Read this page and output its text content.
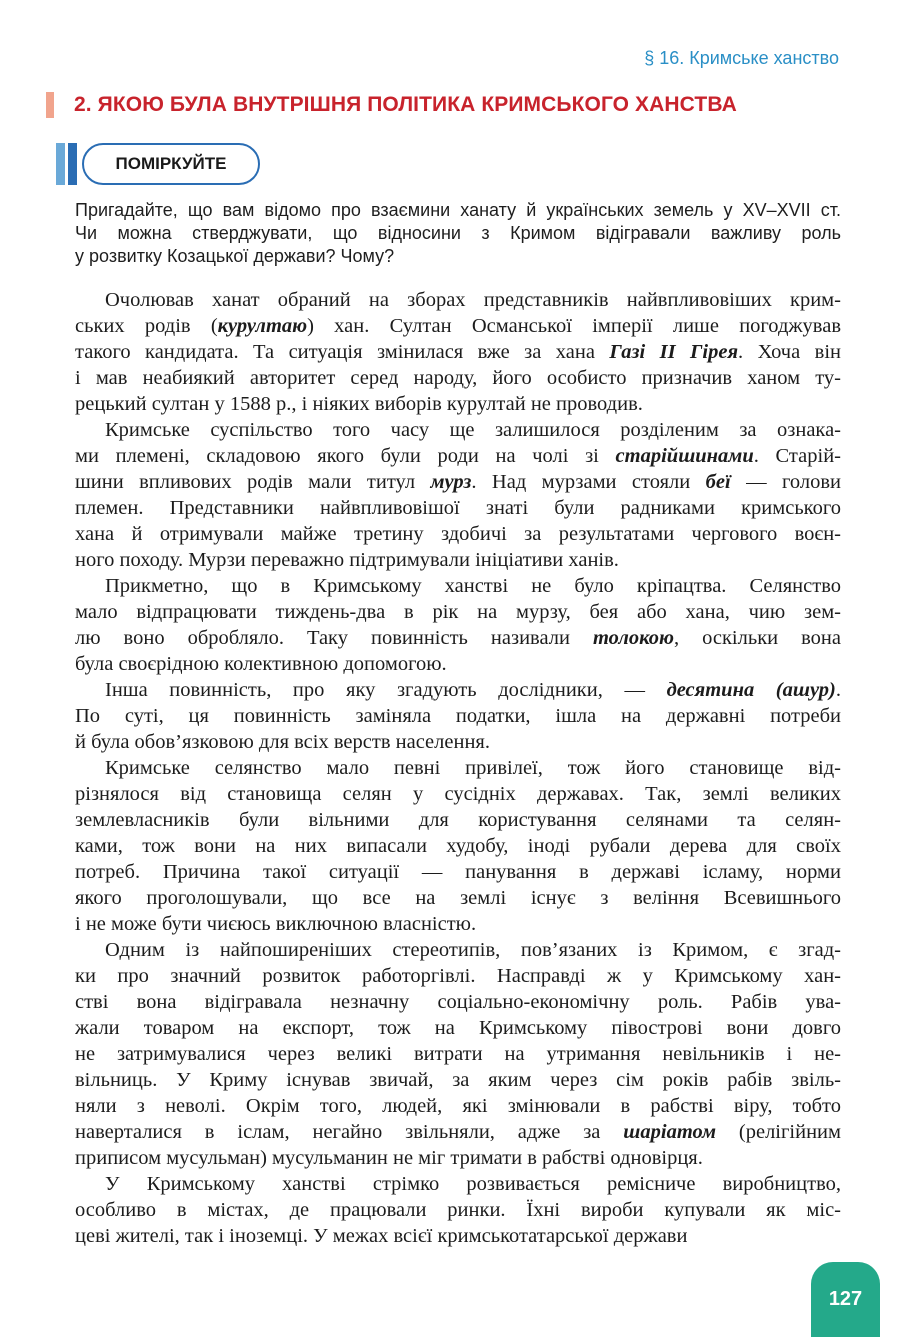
§ 16. Кримське ханство
2. ЯКОЮ БУЛА ВНУТРІШНЯ ПОЛІТИКА КРИМСЬКОГО ХАНСТВА
ПОМІРКУЙТЕ
Пригадайте, що вам відомо про взаємини ханату й українських земель у XV–XVII ст.
Чи можна стверджувати, що відносини з Кримом відігравали важливу роль
у розвитку Козацької держави? Чому?
Очолював ханат обраний на зборах представників найвпливовіших крим-
ських родів (курултаю) хан. Султан Османської імперії лише погоджував
такого кандидата. Та ситуація змінилася вже за хана Газі II Гірея. Хоча він
і мав неабиякий авторитет серед народу, його особисто призначив ханом ту-
рецький султан у 1588 р., і ніяких виборів курултай не проводив.
Кримське суспільство того часу ще залишилося розділеним за ознака-
ми племені, складовою якого були роди на чолі зі старійшинами. Старій-
шини впливових родів мали титул мурз. Над мурзами стояли беї — голови
племен. Представники найвпливовішої знаті були радниками кримського
хана й отримували майже третину здобичі за результатами чергового воєн-
ного походу. Мурзи переважно підтримували ініціативи ханів.
Прикметно, що в Кримському ханстві не було кріпацтва. Селянство
мало відпрацювати тиждень-два в рік на мурзу, бея або хана, чию зем-
лю воно обробляло. Таку повинність називали толокою, оскільки вона
була своєрідною колективною допомогою.
Інша повинність, про яку згадують дослідники, — десятина (ашур).
По суті, ця повинність заміняла податки, ішла на державні потреби
й була обов’язковою для всіх верств населення.
Кримське селянство мало певні привілеї, тож його становище від-
різнялося від становища селян у сусідніх державах. Так, землі великих
землевласників були вільними для користування селянами та селян-
ками, тож вони на них випасали худобу, іноді рубали дерева для своїх
потреб. Причина такої ситуації — панування в державі ісламу, норми
якого проголошували, що все на землі існує з веління Всевишнього
і не може бути чиєюсь виключною власністю.
Одним із найпоширеніших стереотипів, пов’язаних із Кримом, є згад-
ки про значний розвиток работоргівлі. Насправді ж у Кримському хан-
стві вона відігравала незначну соціально-економічну роль. Рабів ува-
жали товаром на експорт, тож на Кримському півострові вони довго
не затримувалися через великі витрати на утримання невільників і не-
вільниць. У Криму існував звичай, за яким через сім років рабів звіль-
няли з неволі. Окрім того, людей, які змінювали в рабстві віру, тобто
наверталися в іслам, негайно звільняли, адже за шаріатом (релігійним
приписом мусульман) мусульманин не міг тримати в рабстві одновірця.
У Кримському ханстві стрімко розвивається ремісниче виробництво,
особливо в містах, де працювали ринки. Їхні вироби купували як міс-
цеві жителі, так і іноземці. У межах всієї кримськотатарської держави
127
